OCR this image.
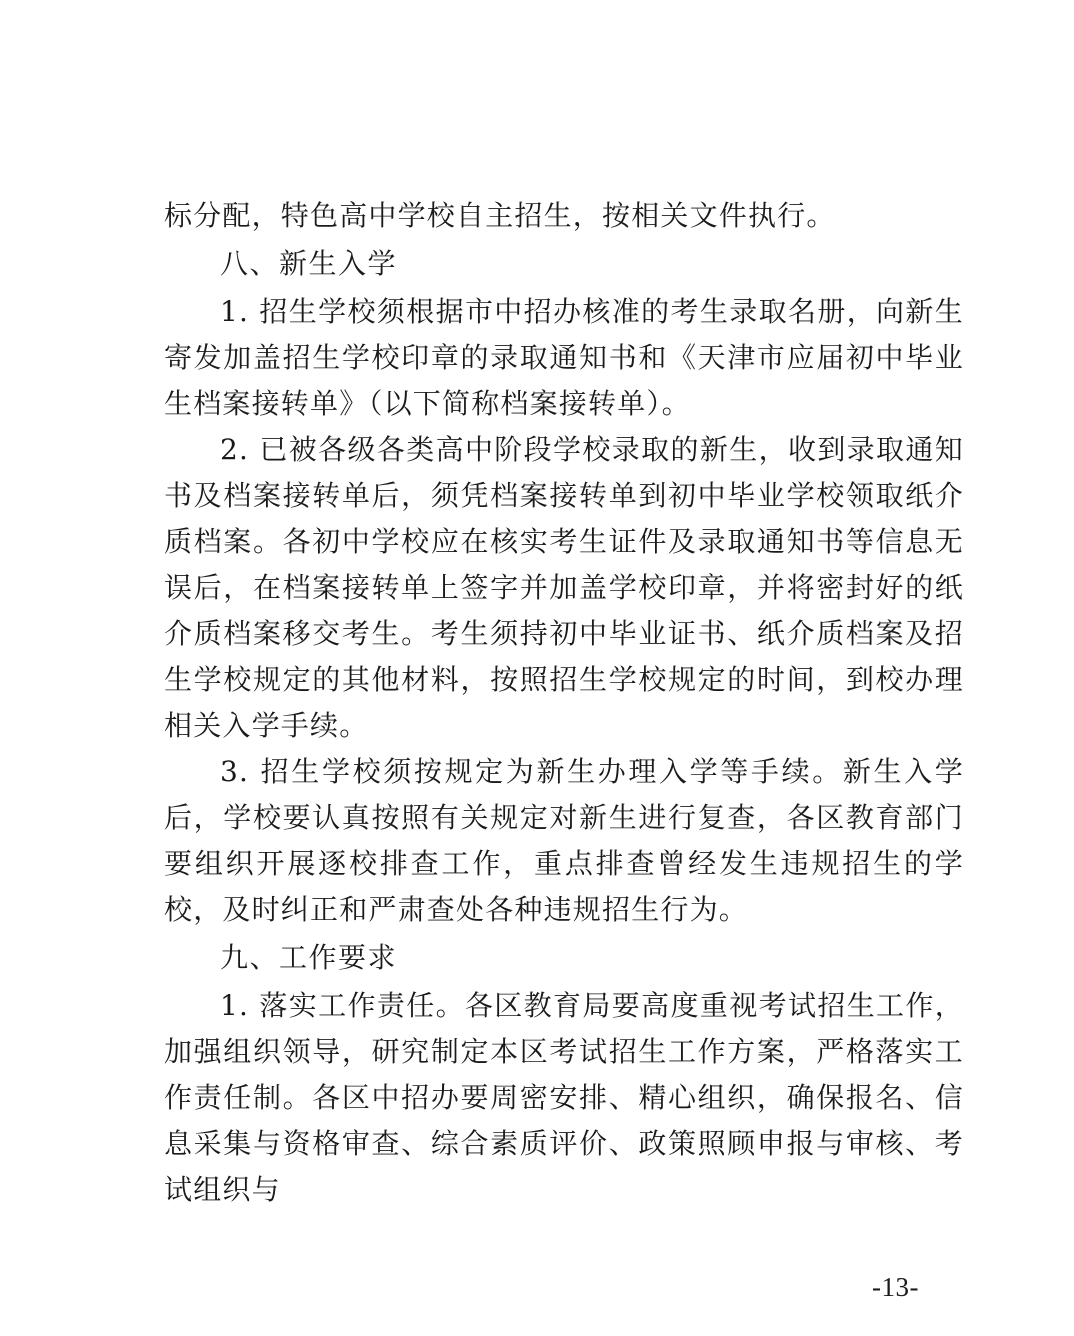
标分配，特色高中学校自主招生，按相关文件执行。

八、新生入学

1. 招生学校须根据市中招办核准的考生录取名册，向新生寄发加盖招生学校印章的录取通知书和《天津市应届初中毕业生档案接转单》（以下简称档案接转单）。

2. 已被各级各类高中阶段学校录取的新生，收到录取通知书及档案接转单后，须凭档案接转单到初中毕业学校领取纸介质档案。各初中学校应在核实考生证件及录取通知书等信息无误后，在档案接转单上签字并加盖学校印章，并将密封好的纸介质档案移交考生。考生须持初中毕业证书、纸介质档案及招生学校规定的其他材料，按照招生学校规定的时间，到校办理相关入学手续。

3. 招生学校须按规定为新生办理入学等手续。新生入学后，学校要认真按照有关规定对新生进行复查，各区教育部门要组织开展逐校排查工作，重点排查曾经发生违规招生的学校，及时纠正和严肃查处各种违规招生行为。

九、工作要求

1. 落实工作责任。各区教育局要高度重视考试招生工作，加强组织领导，研究制定本区考试招生工作方案，严格落实工作责任制。各区中招办要周密安排、精心组织，确保报名、信息采集与资格审查、综合素质评价、政策照顾申报与审核、考试组织与

-13-
